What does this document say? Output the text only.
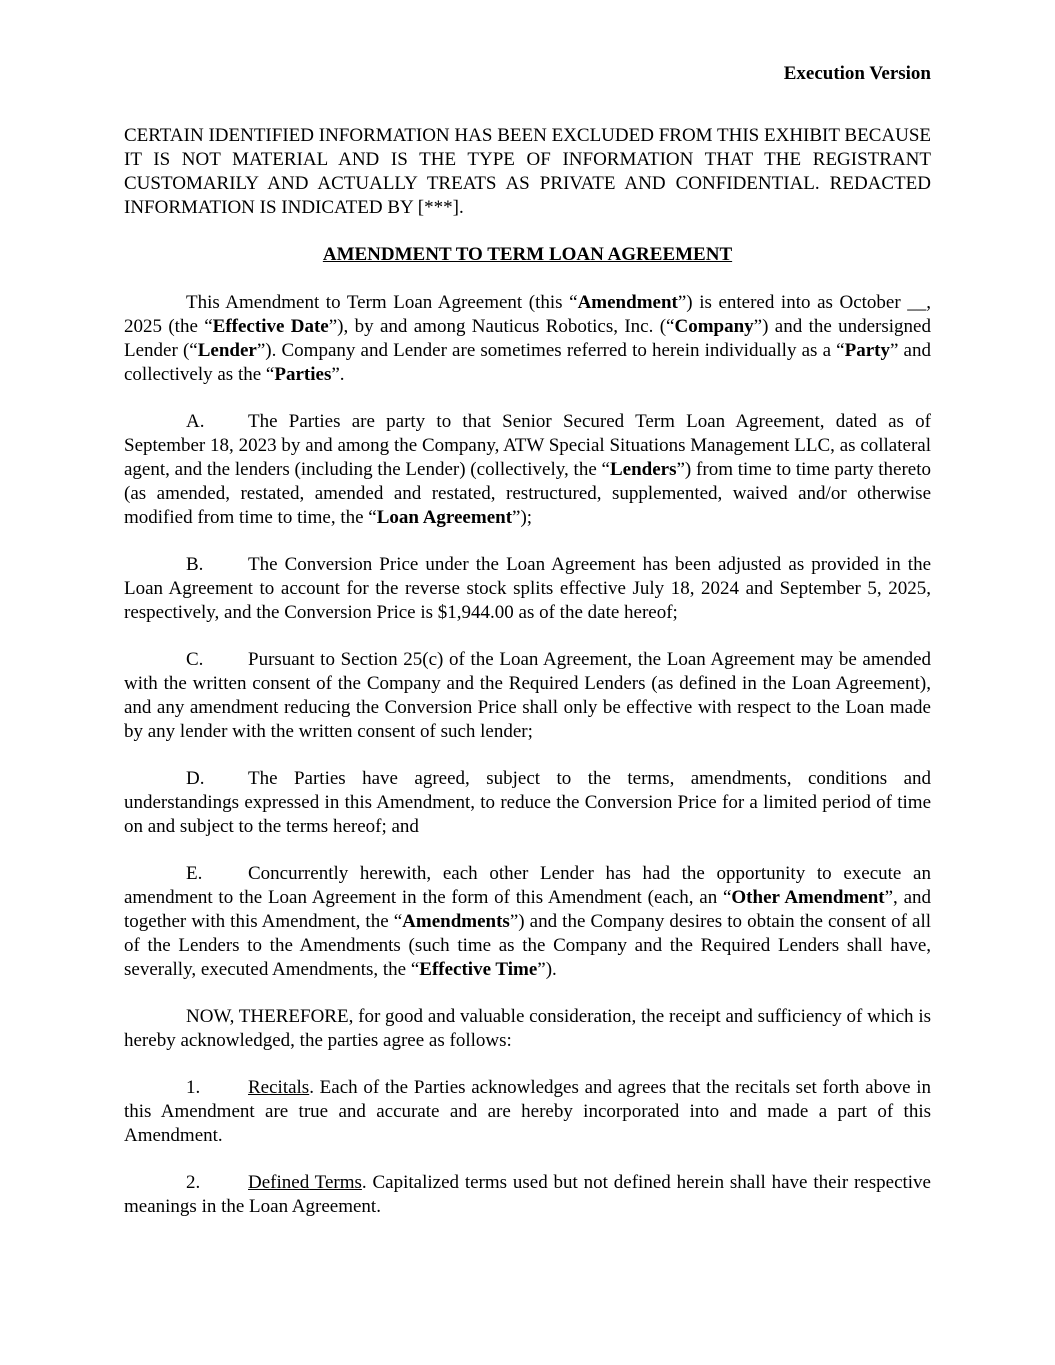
Execution Version
CERTAIN IDENTIFIED INFORMATION HAS BEEN EXCLUDED FROM THIS EXHIBIT BECAUSE IT IS NOT MATERIAL AND IS THE TYPE OF INFORMATION THAT THE REGISTRANT CUSTOMARILY AND ACTUALLY TREATS AS PRIVATE AND CONFIDENTIAL. REDACTED INFORMATION IS INDICATED BY [***].
AMENDMENT TO TERM LOAN AGREEMENT
This Amendment to Term Loan Agreement (this “Amendment”) is entered into as October __, 2025 (the “Effective Date”), by and among Nauticus Robotics, Inc. (“Company”) and the undersigned Lender (“Lender”). Company and Lender are sometimes referred to herein individually as a “Party” and collectively as the “Parties”.
A. The Parties are party to that Senior Secured Term Loan Agreement, dated as of September 18, 2023 by and among the Company, ATW Special Situations Management LLC, as collateral agent, and the lenders (including the Lender) (collectively, the “Lenders”) from time to time party thereto (as amended, restated, amended and restated, restructured, supplemented, waived and/or otherwise modified from time to time, the “Loan Agreement”);
B. The Conversion Price under the Loan Agreement has been adjusted as provided in the Loan Agreement to account for the reverse stock splits effective July 18, 2024 and September 5, 2025, respectively, and the Conversion Price is $1,944.00 as of the date hereof;
C. Pursuant to Section 25(c) of the Loan Agreement, the Loan Agreement may be amended with the written consent of the Company and the Required Lenders (as defined in the Loan Agreement), and any amendment reducing the Conversion Price shall only be effective with respect to the Loan made by any lender with the written consent of such lender;
D. The Parties have agreed, subject to the terms, amendments, conditions and understandings expressed in this Amendment, to reduce the Conversion Price for a limited period of time on and subject to the terms hereof; and
E. Concurrently herewith, each other Lender has had the opportunity to execute an amendment to the Loan Agreement in the form of this Amendment (each, an “Other Amendment”, and together with this Amendment, the “Amendments”) and the Company desires to obtain the consent of all of the Lenders to the Amendments (such time as the Company and the Required Lenders shall have, severally, executed Amendments, the “Effective Time”).
NOW, THEREFORE, for good and valuable consideration, the receipt and sufficiency of which is hereby acknowledged, the parties agree as follows:
1.	Recitals. Each of the Parties acknowledges and agrees that the recitals set forth above in this Amendment are true and accurate and are hereby incorporated into and made a part of this Amendment.
2.	Defined Terms. Capitalized terms used but not defined herein shall have their respective meanings in the Loan Agreement.
